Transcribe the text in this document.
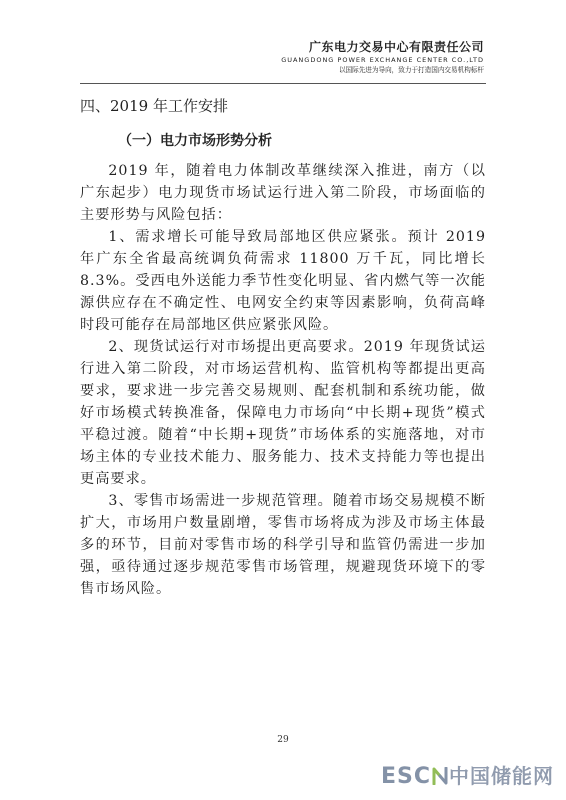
广东电力交易中心有限责任公司
GUANGDONG POWER EXCHANGE CENTER CO.,LTD
以国际先进为导向，致力于打造国内交易机构标杆
四、2019 年工作安排
（一）电力市场形势分析

2019 年，随着电力体制改革继续深入推进，南方（以广东起步）电力现货市场试运行进入第二阶段，市场面临的主要形势与风险包括：

1、需求增长可能导致局部地区供应紧张。预计 2019 年广东全省最高统调负荷需求 11800 万千瓦，同比增长 8.3%。受西电外送能力季节性变化明显、省内燃气等一次能源供应存在不确定性、电网安全约束等因素影响，负荷高峰时段可能存在局部地区供应紧张风险。

2、现货试运行对市场提出更高要求。2019 年现货试运行进入第二阶段，对市场运营机构、监管机构等都提出更高要求，要求进一步完善交易规则、配套机制和系统功能，做好市场模式转换准备，保障电力市场向“中长期+现货”模式平稳过渡。随着“中长期+现货”市场体系的实施落地，对市场主体的专业技术能力、服务能力、技术支持能力等也提出更高要求。

3、零售市场需进一步规范管理。随着市场交易规模不断扩大，市场用户数量剧增，零售市场将成为涉及市场主体最多的环节，目前对零售市场的科学引导和监管仍需进一步加强，亟待通过逐步规范零售市场管理，规避现货环境下的零售市场风险。

29
ESC 中国储能网
